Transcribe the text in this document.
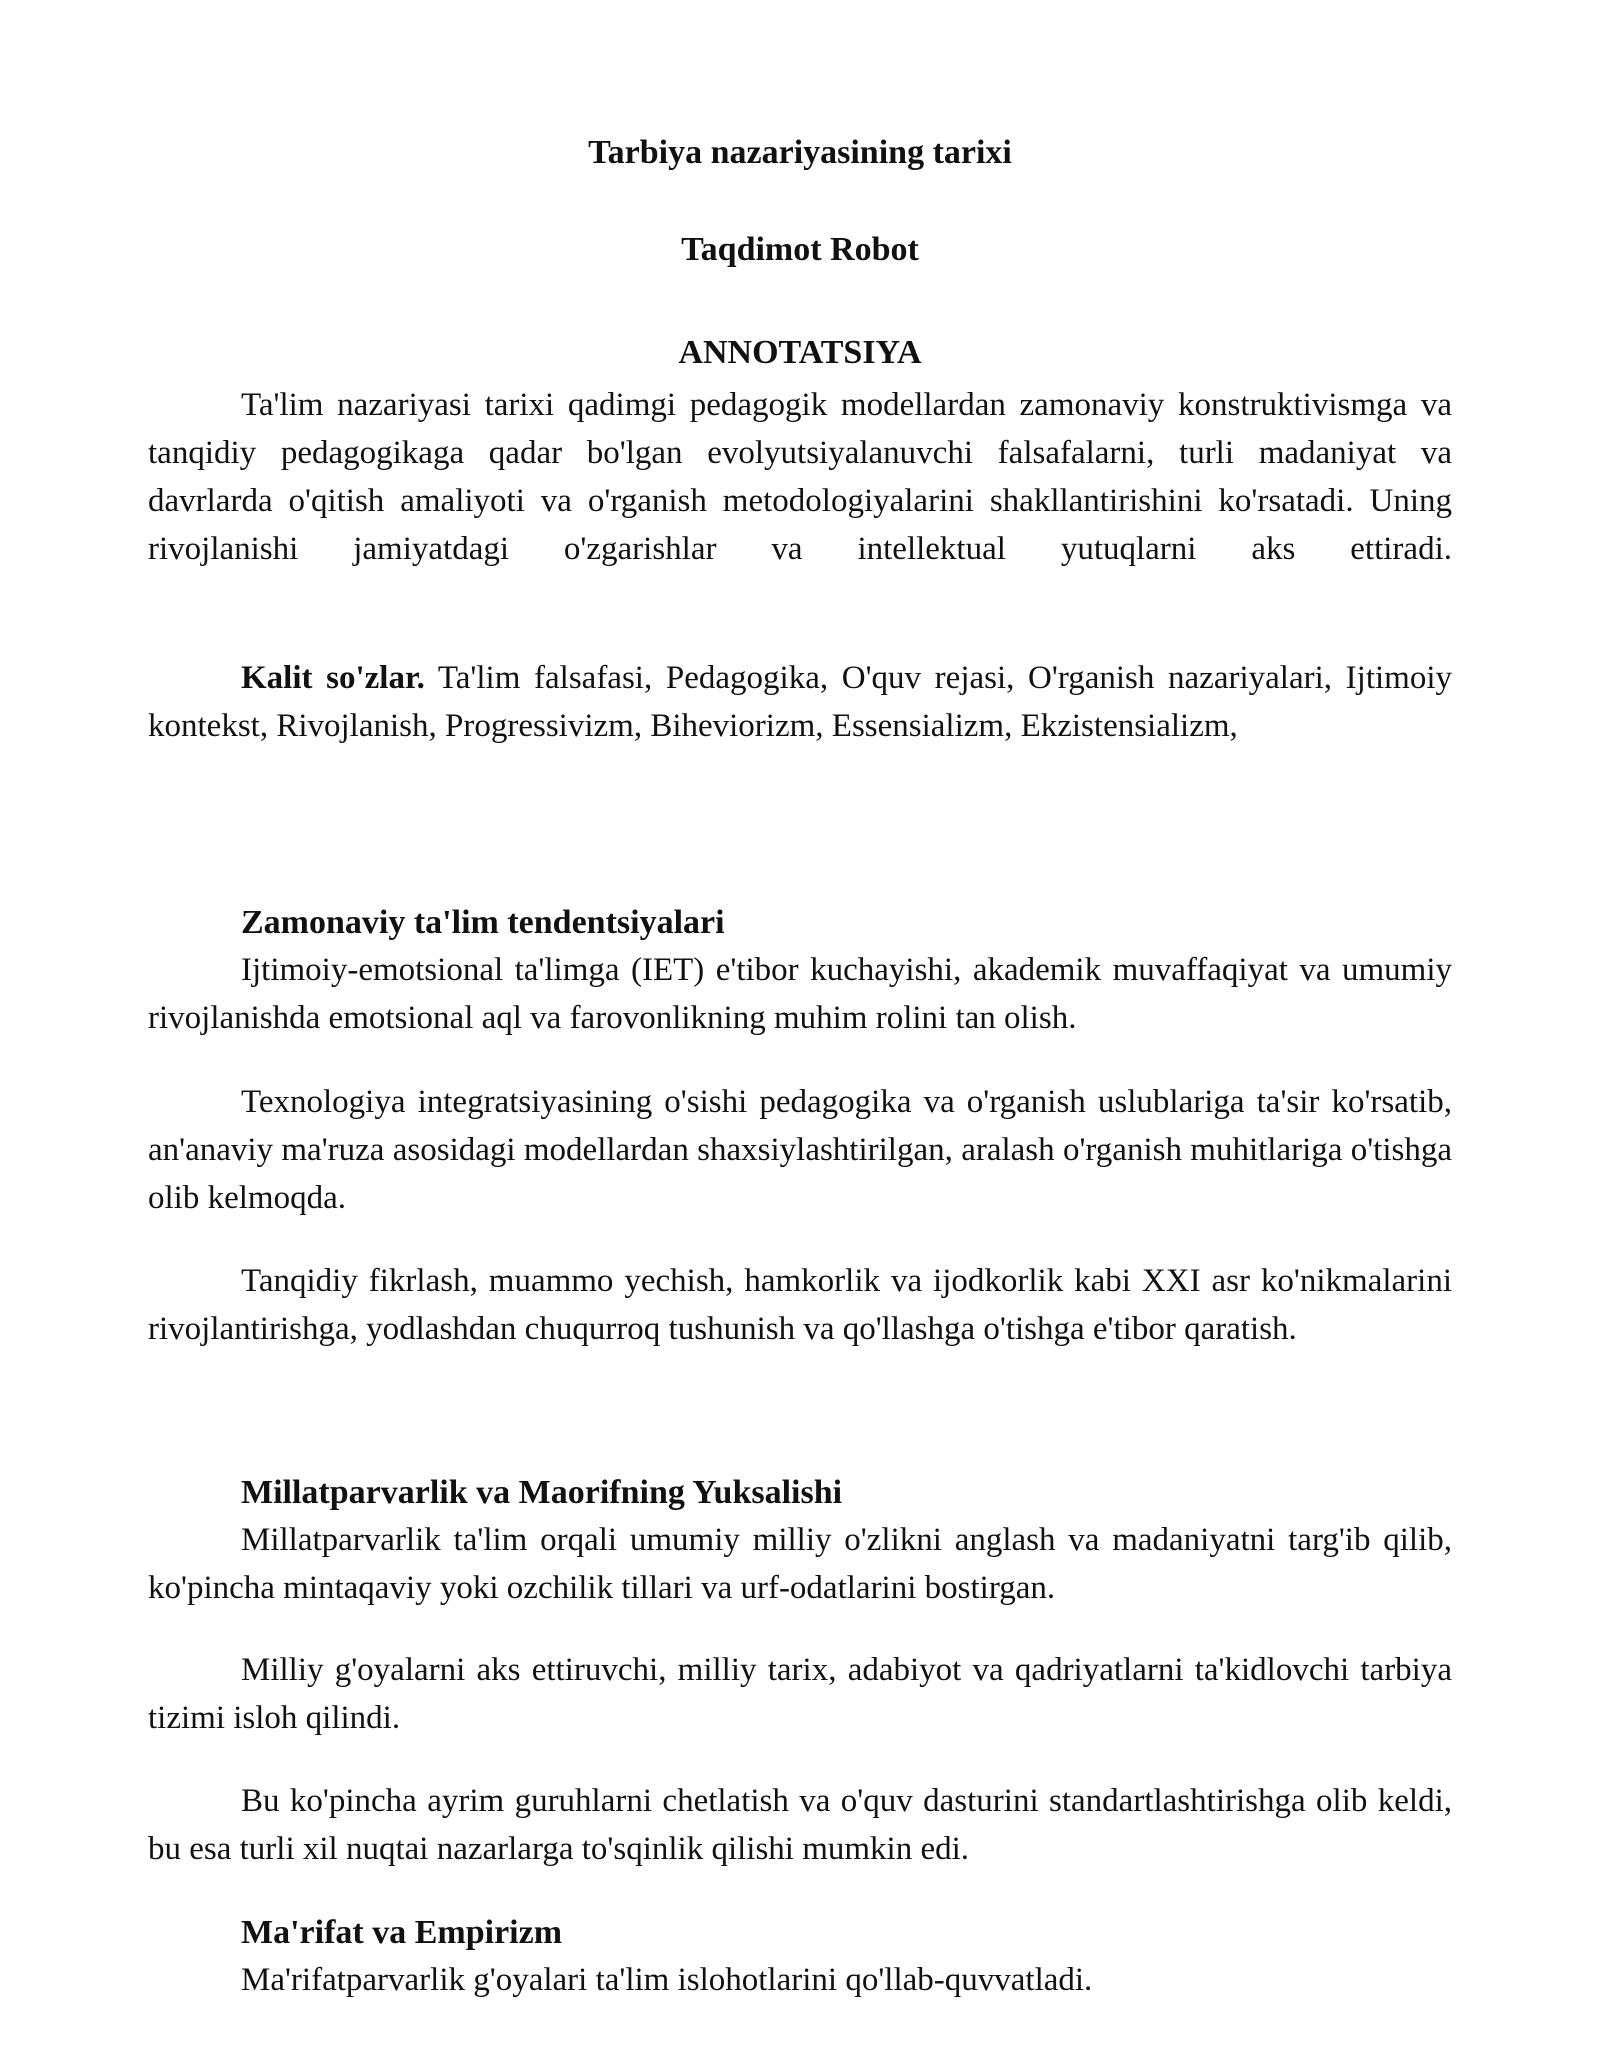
Tarbiya nazariyasining tarixi
Taqdimot Robot
ANNOTATSIYA

Ta'lim nazariyasi tarixi qadimgi pedagogik modellardan zamonaviy konstruktivismga va tanqidiy pedagogikaga qadar bo'lgan evolyutsiyalanuvchi falsafalarni, turli madaniyat va davrlarda o'qitish amaliyoti va o'rganish metodologiyalarini shakllantirishini ko'rsatadi. Uning rivojlanishi jamiyatdagi o'zgarishlar va intellektual yutuqlarni aks ettiradi.

Kalit so'zlar. Ta'lim falsafasi, Pedagogika, O'quv rejasi, O'rganish nazariyalari, Ijtimoiy kontekst, Rivojlanish, Progressivizm, Biheviorizm, Essensializm, Ekzistensializm,

Zamonaviy ta'lim tendentsiyalari

Ijtimoiy-emotsional ta'limga (IET) e'tibor kuchayishi, akademik muvaffaqiyat va umumiy rivojlanishda emotsional aql va farovonlikning muhim rolini tan olish.

Texnologiya integratsiyasining o'sishi pedagogika va o'rganish uslublariga ta'sir ko'rsatib, an'anaviy ma'ruza asosidagi modellardan shaxsiylashtirilgan, aralash o'rganish muhitlariga o'tishga olib kelmoqda.

Tanqidiy fikrlash, muammo yechish, hamkorlik va ijodkorlik kabi XXI asr ko'nikmalarini rivojlantirishga, yodlashdan chuqurroq tushunish va qo'llashga o'tishga e'tibor qaratish.

Millatparvarlik va Maorifning Yuksalishi

Millatparvarlik ta'lim orqali umumiy milliy o'zlikni anglash va madaniyatni targ'ib qilib, ko'pincha mintaqaviy yoki ozchilik tillari va urf-odatlarini bostirgan.

Milliy g'oyalarni aks ettiruvchi, milliy tarix, adabiyot va qadriyatlarni ta'kidlovchi tarbiya tizimi isloh qilindi.

Bu ko'pincha ayrim guruhlarni chetlatish va o'quv dasturini standartlashtirishga olib keldi, bu esa turli xil nuqtai nazarlarga to'sqinlik qilishi mumkin edi.

Ma'rifat va Empirizm

Ma'rifatparvarlik g'oyalari ta'lim islohotlarini qo'llab-quvvatladi.
